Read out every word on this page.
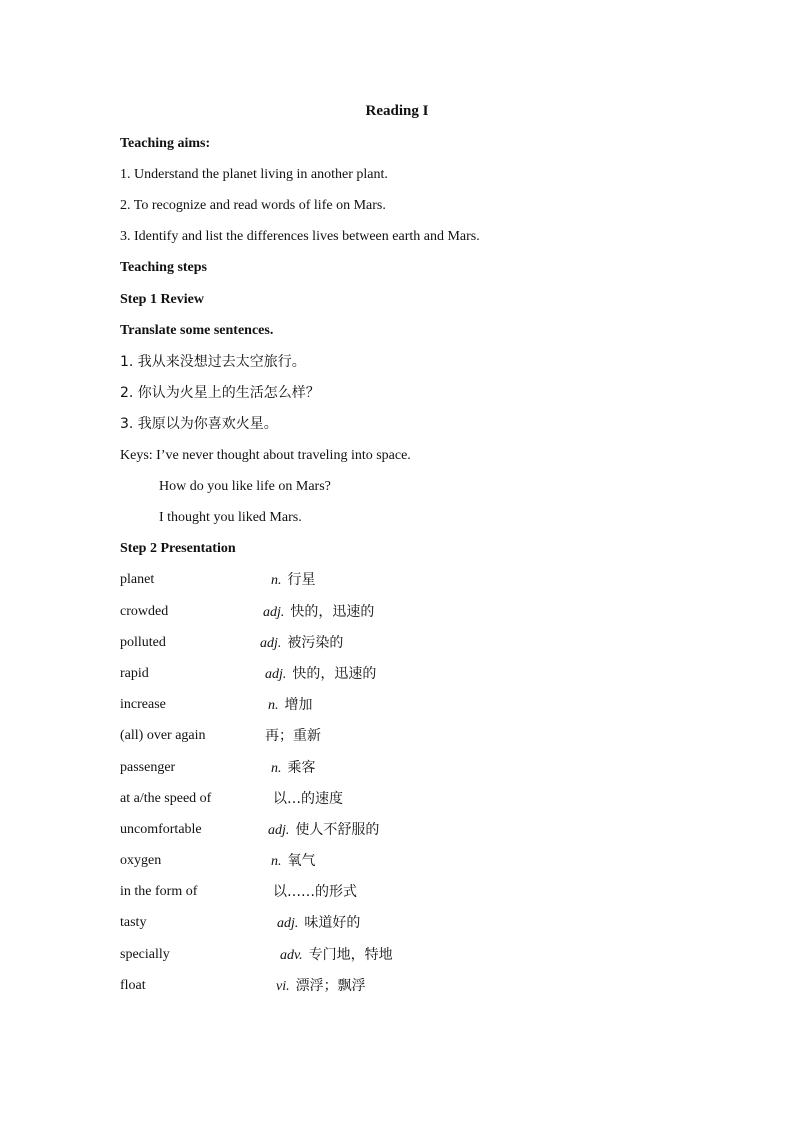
Reading I
Teaching aims:
1. Understand the planet living in another plant.
2. To recognize and read words of life on Mars.
3. Identify and list the differences lives between earth and Mars.
Teaching steps
Step 1 Review
Translate some sentences.
1. 我从来没想过去太空旅行。
2. 你认为火星上的生活怎么样？
3. 我原以为你喜欢火星。
Keys: I’ve never thought about traveling into space.
How do you like life on Mars?
I thought you liked Mars.
Step 2 Presentation
planet	n. 行星
crowded	adj. 快的，迅速的
polluted	adj. 被污染的
rapid	adj. 快的，迅速的
increase	n. 增加
(all) over again	再；重新
passenger	n. 乘客
at a/the speed of	以…的速度
uncomfortable	adj. 使人不舒服的
oxygen	n. 氧气
in the form of	以……的形式
tasty	adj. 味道好的
specially	adv. 专门地，特地
float	vi. 漂浮；飘浮
